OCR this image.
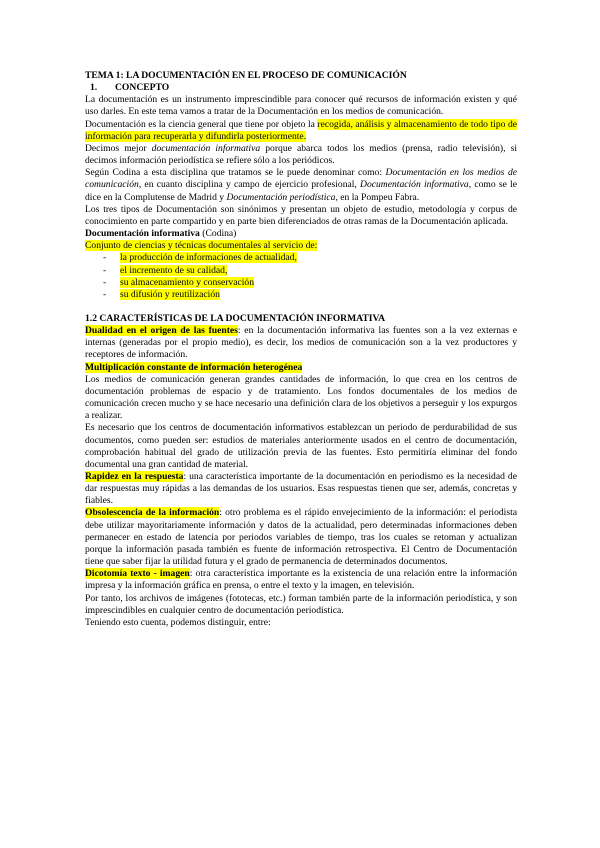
TEMA 1: LA DOCUMENTACIÓN EN EL PROCESO DE COMUNICACIÓN

1. CONCEPTO

La documentación es un instrumento imprescindible para conocer qué recursos de información existen y qué uso darles. En este tema vamos a tratar de la Documentación en los medios de comunicación.

Documentación es la ciencia general que tiene por objeto la recogida, análisis y almacenamiento de todo tipo de información para recuperarla y difundirla posteriormente.

Decimos mejor documentación informativa porque abarca todos los medios (prensa, radio televisión), si decimos información periodística se refiere sólo a los periódicos.

Según Codina a esta disciplina que tratamos se le puede denominar como: Documentación en los medios de comunicación, en cuanto disciplina y campo de ejercicio profesional, Documentación informativa, como se le dice en la Complutense de Madrid y Documentación periodística, en la Pompeu Fabra.

Los tres tipos de Documentación son sinónimos y presentan un objeto de estudio, metodología y corpus de conocimiento en parte compartido y en parte bien diferenciados de otras ramas de la Documentación aplicada.

Documentación informativa (Codina)

Conjunto de ciencias y técnicas documentales al servicio de:

- la producción de informaciones de actualidad,
- el incremento de su calidad,
- su almacenamiento y conservación
- su difusión y reutilización

1.2 CARACTERÍSTICAS DE LA DOCUMENTACIÓN INFORMATIVA

Dualidad en el origen de las fuentes: en la documentación informativa las fuentes son a la vez externas e internas (generadas por el propio medio), es decir, los medios de comunicación son a la vez productores y receptores de información.

Multiplicación constante de información heterogénea

Los medios de comunicación generan grandes cantidades de información, lo que crea en los centros de documentación problemas de espacio y de tratamiento. Los fondos documentales de los medios de comunicación crecen mucho y se hace necesario una definición clara de los objetivos a perseguir y los expurgos a realizar.

Es necesario que los centros de documentación informativos establezcan un periodo de perdurabilidad de sus documentos, como pueden ser: estudios de materiales anteriormente usados en el centro de documentación, comprobación habitual del grado de utilización previa de las fuentes. Esto permitiría eliminar del fondo documental una gran cantidad de material.

Rapidez en la respuesta: una característica importante de la documentación en periodismo es la necesidad de dar respuestas muy rápidas a las demandas de los usuarios. Esas respuestas tienen que ser, además, concretas y fiables.

Obsolescencia de la información: otro problema es el rápido envejecimiento de la información: el periodista debe utilizar mayoritariamente información y datos de la actualidad, pero determinadas informaciones deben permanecer en estado de latencia por periodos variables de tiempo, tras los cuales se retoman y actualizan porque la información pasada también es fuente de información retrospectiva. El Centro de Documentación tiene que saber fijar la utilidad futura y el grado de permanencia de determinados documentos.

Dicotomía texto - imagen: otra característica importante es la existencia de una relación entre la información impresa y la información gráfica en prensa, o entre el texto y la imagen, en televisión.

Por tanto, los archivos de imágenes (fototecas, etc.) forman también parte de la información periodística, y son imprescindibles en cualquier centro de documentación periodística.

Teniendo esto cuenta, podemos distinguir, entre:
